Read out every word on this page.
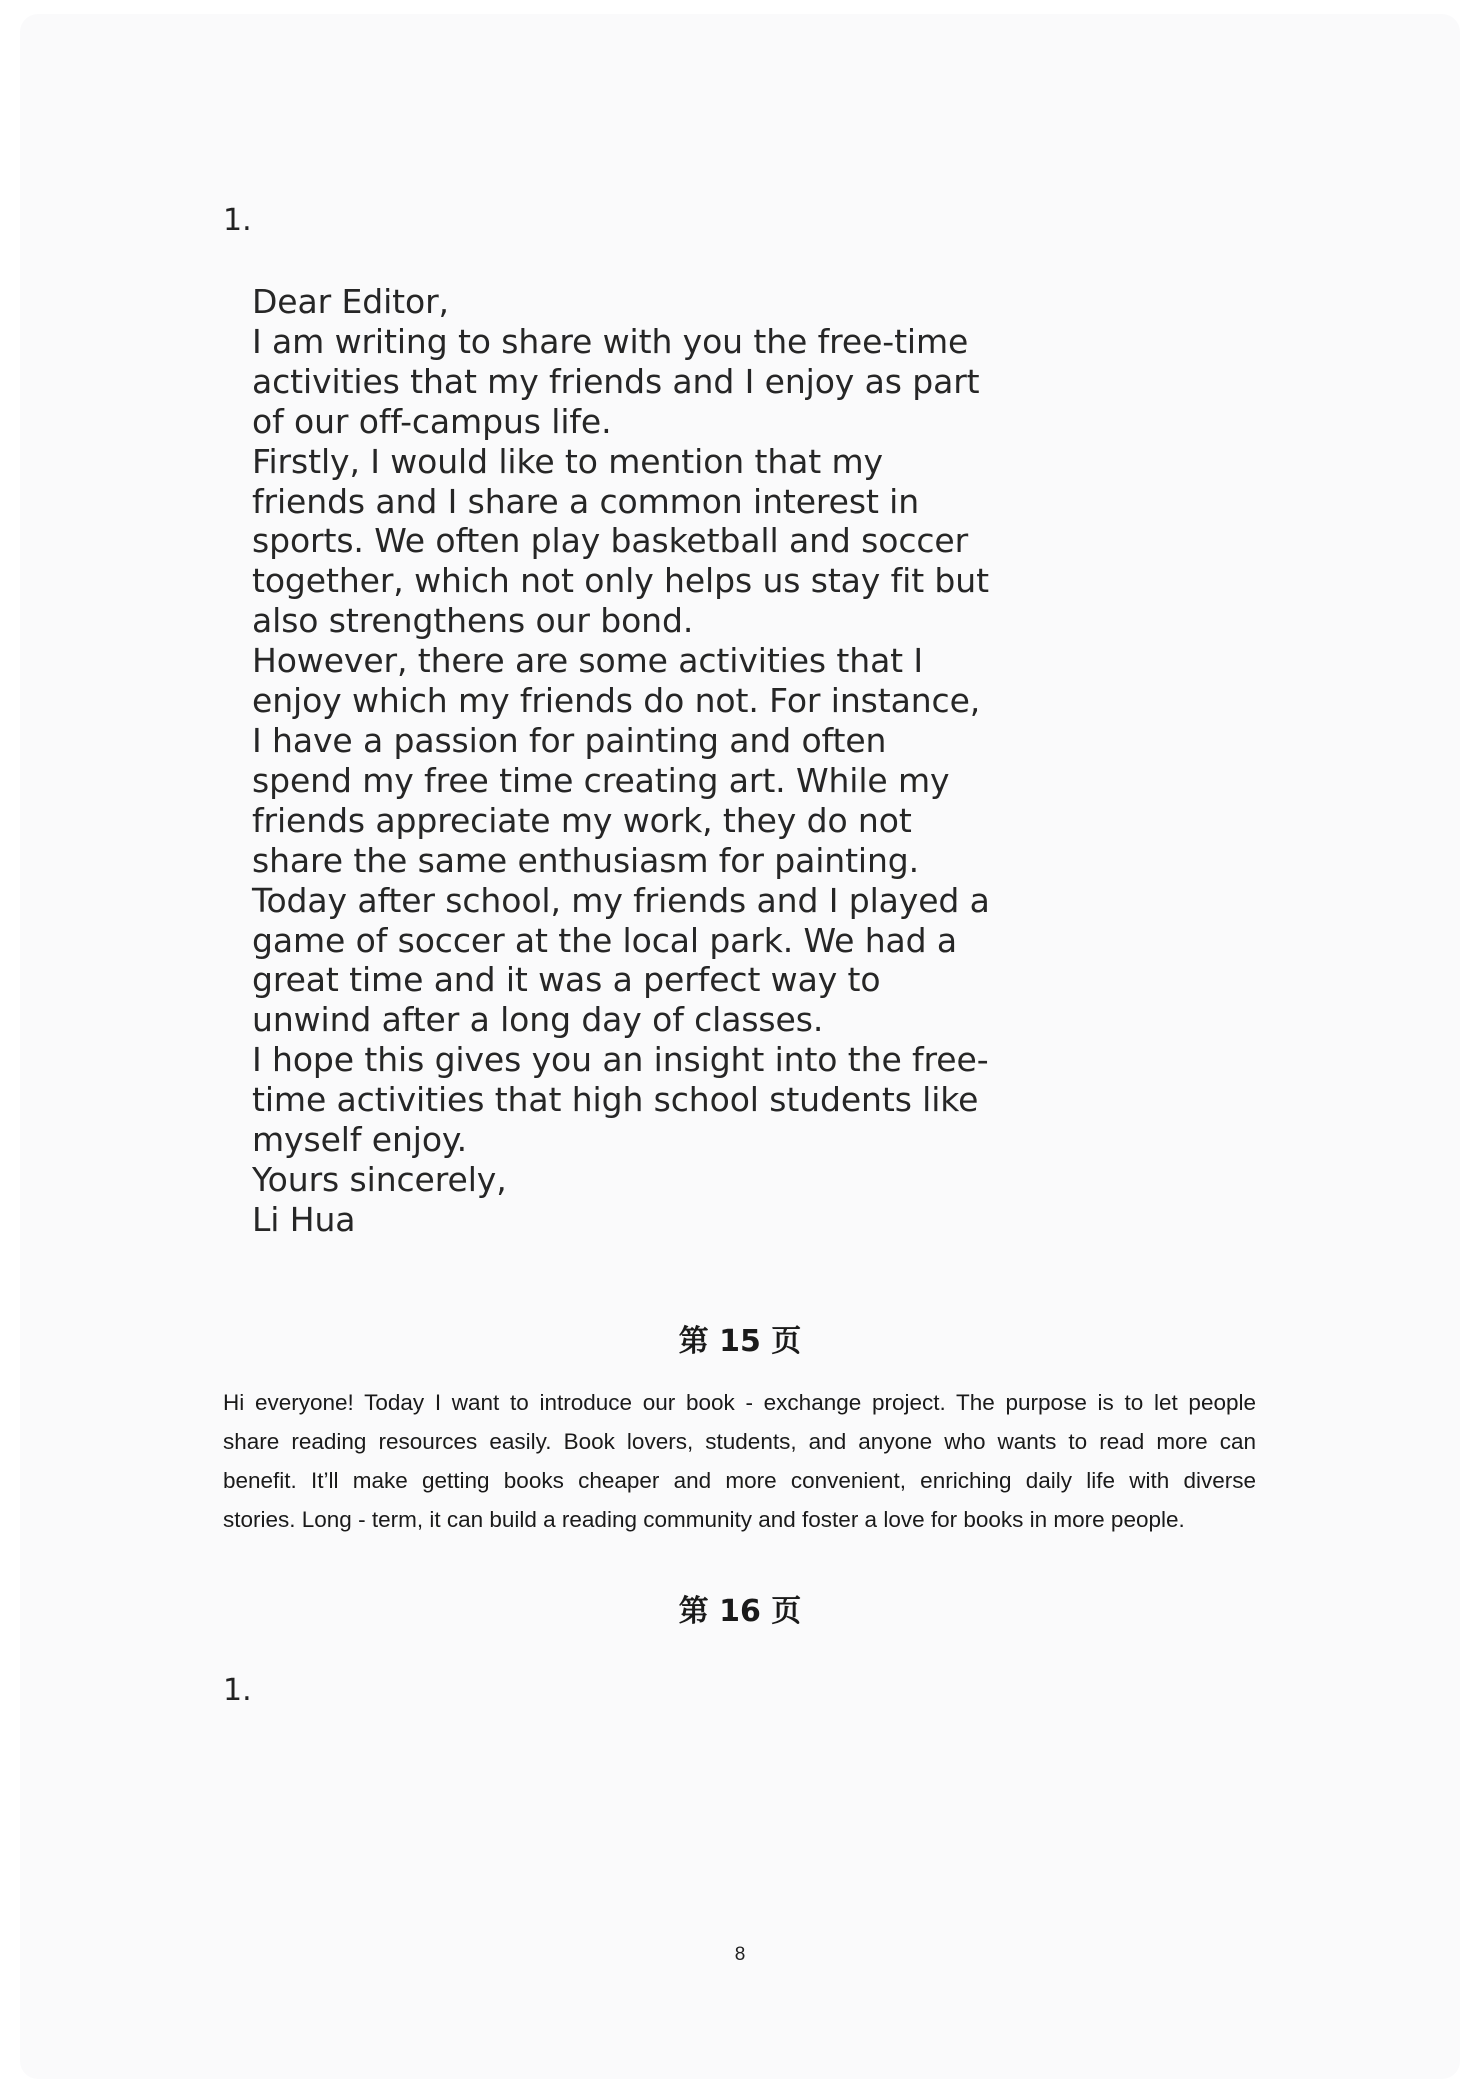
1.

Dear Editor,
I am writing to share with you the free-time
activities that my friends and I enjoy as part
of our off-campus life.
Firstly, I would like to mention that my
friends and I share a common interest in
sports. We often play basketball and soccer
together, which not only helps us stay fit but
also strengthens our bond.
However, there are some activities that I
enjoy which my friends do not. For instance,
I have a passion for painting and often
spend my free time creating art. While my
friends appreciate my work, they do not
share the same enthusiasm for painting.
Today after school, my friends and I played a
game of soccer at the local park. We had a
great time and it was a perfect way to
unwind after a long day of classes.
I hope this gives you an insight into the free-
time activities that high school students like
myself enjoy.
Yours sincerely,
Li Hua
第 15 页
Hi everyone! Today I want to introduce our book - exchange project. The purpose is to let people
share reading resources easily. Book lovers, students, and anyone who wants to read more can
benefit. It’ll make getting books cheaper and more convenient, enriching daily life with diverse
stories. Long - term, it can build a reading community and foster a love for books in more people.
第 16 页

1.

8
